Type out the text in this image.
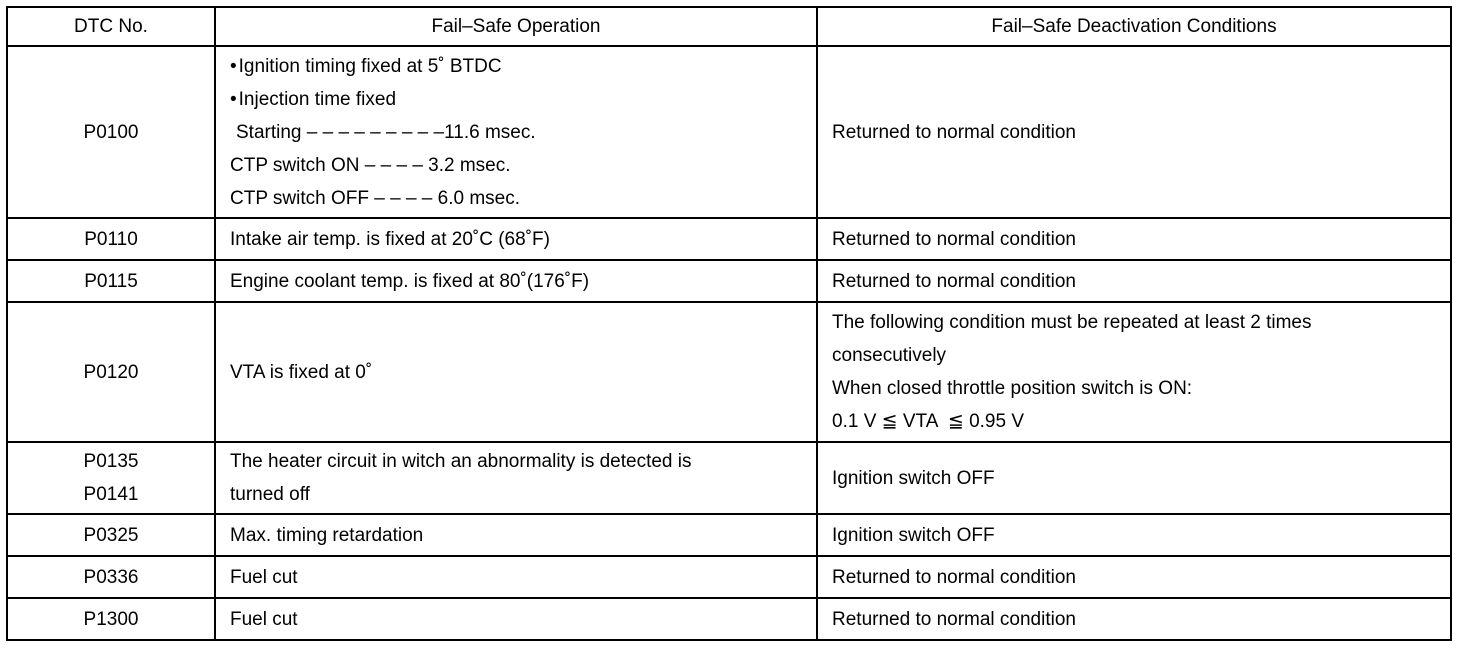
DTC No.	Fail–Safe Operation	Fail–Safe Deactivation Conditions

P0100	• Ignition timing fixed at 5˚ BTDC
• Injection time fixed
Starting – – – – – – – – –11.6 msec.
CTP switch ON – – – – 3.2 msec.
CTP switch OFF – – – – 6.0 msec.	Returned to normal condition

P0110	Intake air temp. is fixed at 20˚C (68˚F)	Returned to normal condition

P0115	Engine coolant temp. is fixed at 80˚(176˚F)	Returned to normal condition

P0120	VTA is fixed at 0˚	The following condition must be repeated at least 2 times
consecutively
When closed throttle position switch is ON:
0.1 V ≦ VTA  ≦ 0.95 V

P0135
P0141	The heater circuit in witch an abnormality is detected is
turned off	Ignition switch OFF

P0325	Max. timing retardation	Ignition switch OFF

P0336	Fuel cut	Returned to normal condition

P1300	Fuel cut	Returned to normal condition
